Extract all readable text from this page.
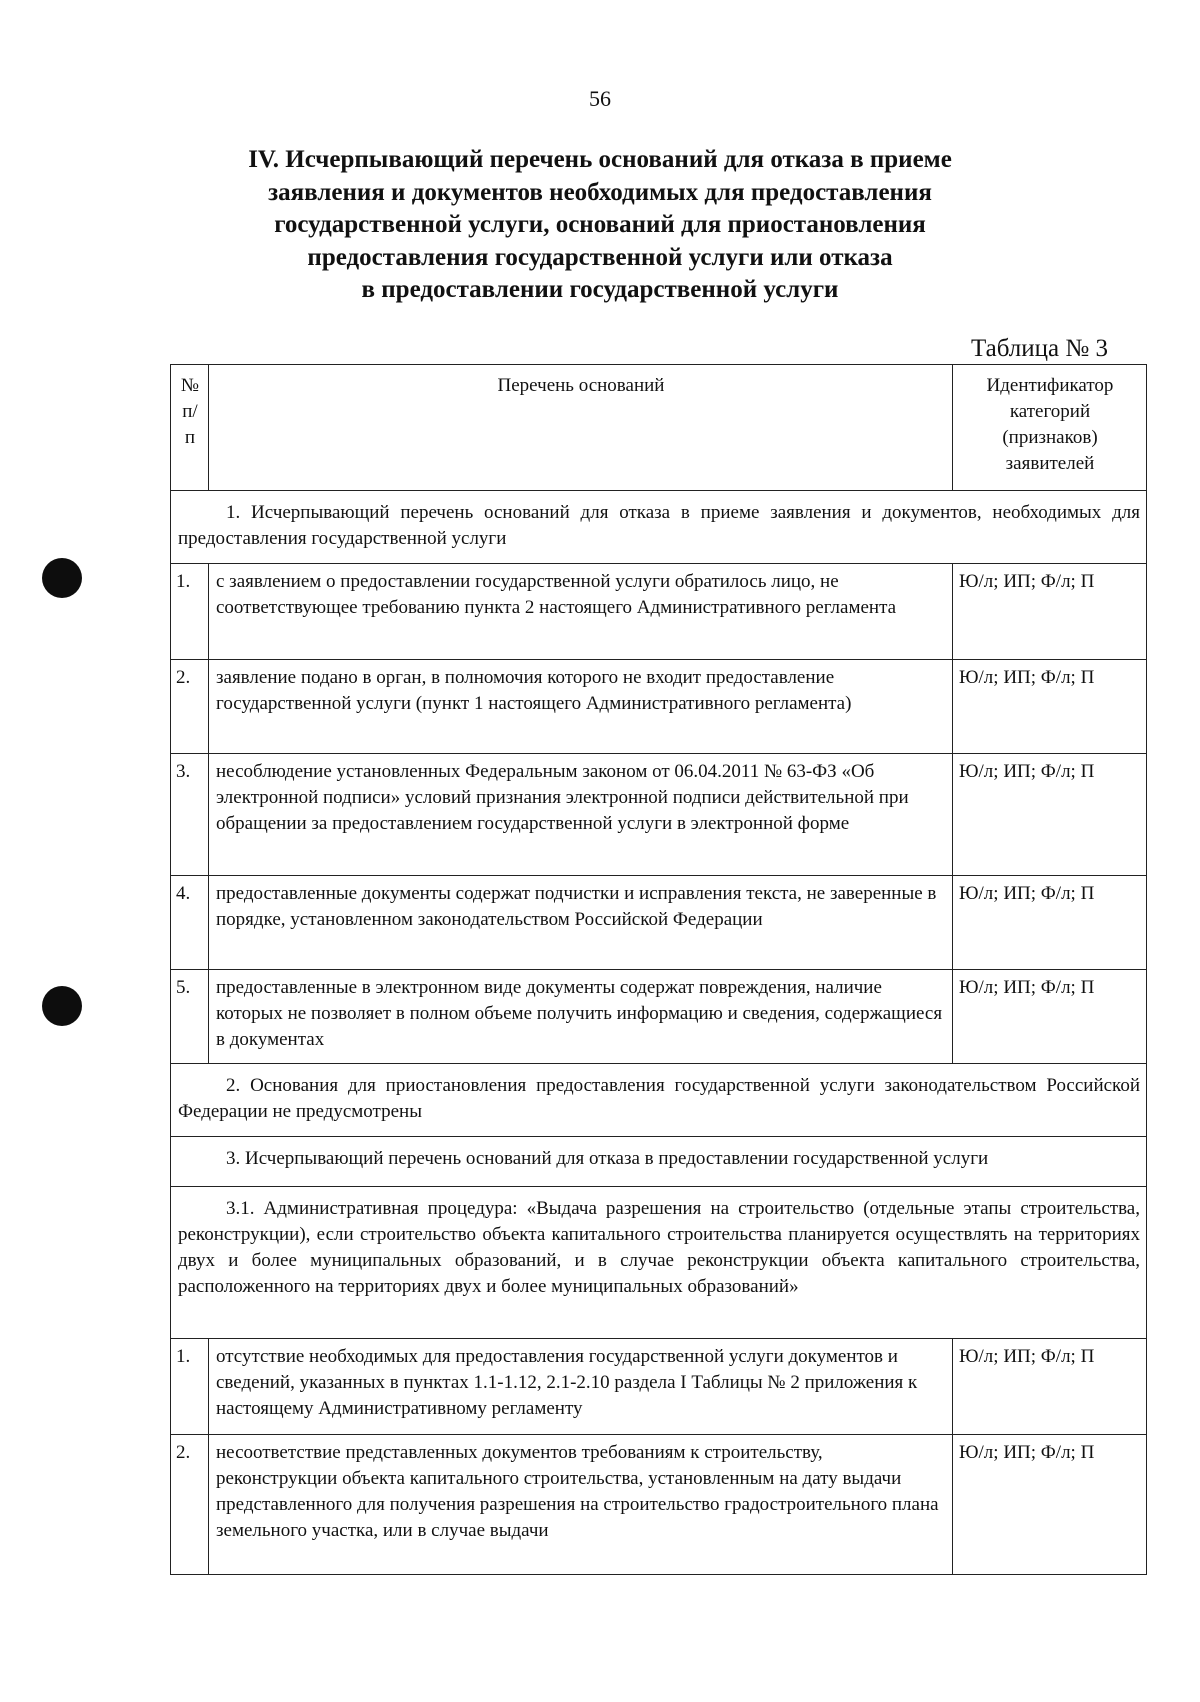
56
IV. Исчерпывающий перечень оснований для отказа в приеме
заявления и документов необходимых для предоставления
государственной услуги, оснований для приостановления
предоставления государственной услуги или отказа
в предоставлении государственной услуги
Таблица № 3
№ п/п	Перечень оснований	Идентификатор категорий (признаков) заявителей
1. Исчерпывающий перечень оснований для отказа в приеме заявления и документов, необходимых для предоставления государственной услуги		
1.	с заявлением о предоставлении государственной услуги обратилось лицо, не соответствующее требованию пункта 2 настоящего Административного регламента	Ю/л; ИП; Ф/л; П
2.	заявление подано в орган, в полномочия которого не входит предоставление государственной услуги (пункт 1 настоящего Административного регламента)	Ю/л; ИП; Ф/л; П
3.	несоблюдение установленных Федеральным законом от 06.04.2011 № 63-ФЗ «Об электронной подписи» условий признания электронной подписи действительной при обращении за предоставлением государственной услуги в электронной форме	Ю/л; ИП; Ф/л; П
4.	предоставленные документы содержат подчистки и исправления текста, не заверенные в порядке, установленном законодательством Российской Федерации	Ю/л; ИП; Ф/л; П
5.	предоставленные в электронном виде документы содержат повреждения, наличие которых не позволяет в полном объеме получить информацию и сведения, содержащиеся в документах	Ю/л; ИП; Ф/л; П
2. Основания для приостановления предоставления государственной услуги законодательством Российской Федерации не предусмотрены		
3. Исчерпывающий перечень оснований для отказа в предоставлении государственной услуги		
3.1. Административная процедура: «Выдача разрешения на строительство (отдельные этапы строительства, реконструкции), если строительство объекта капитального строительства планируется осуществлять на территориях двух и более муниципальных образований, и в случае реконструкции объекта капитального строительства, расположенного на территориях двух и более муниципальных образований»		
1.	отсутствие необходимых для предоставления государственной услуги документов и сведений, указанных в пунктах 1.1-1.12, 2.1-2.10 раздела I Таблицы № 2 приложения к настоящему Административному регламенту	Ю/л; ИП; Ф/л; П
2.	несоответствие представленных документов требованиям к строительству, реконструкции объекта капитального строительства, установленным на дату выдачи представленного для получения разрешения на строительство градостроительного плана земельного участка, или в случае выдачи	Ю/л; ИП; Ф/л; П
